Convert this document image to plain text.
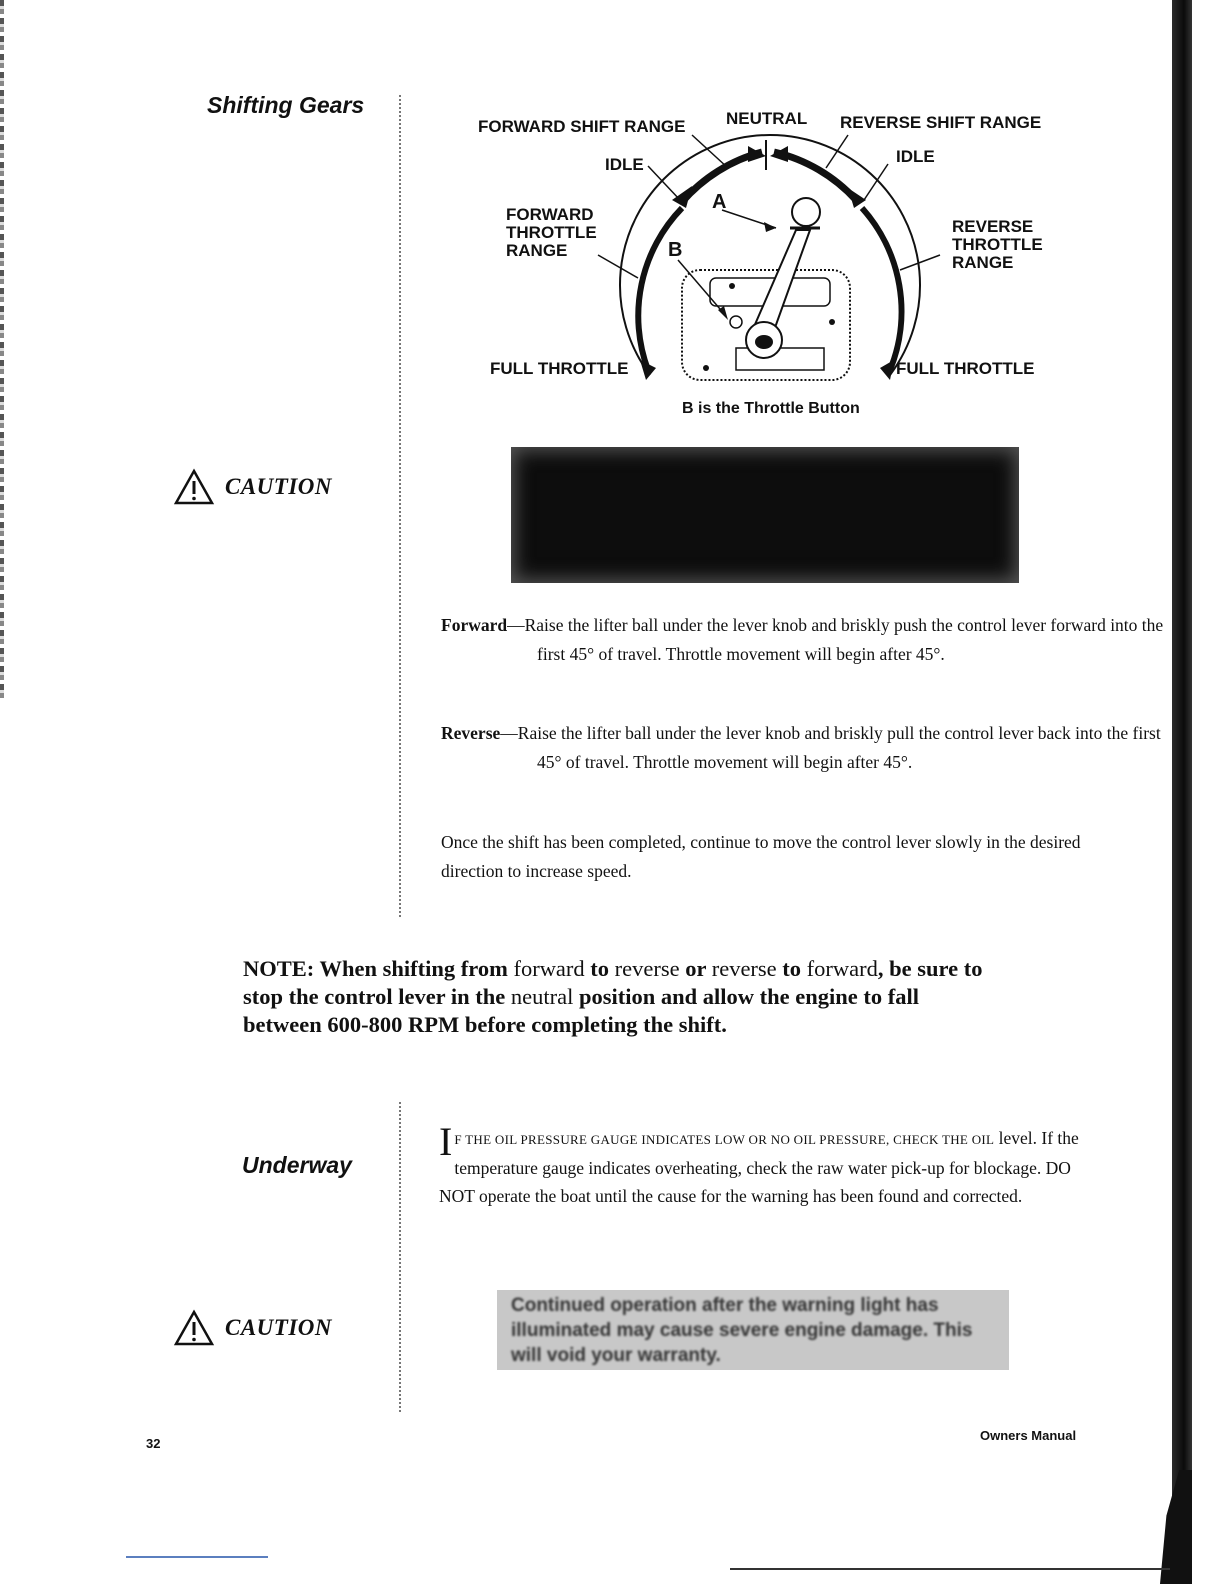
Shifting Gears
CAUTION
Underway
CAUTION
FORWARD SHIFT RANGE NEUTRAL REVERSE SHIFT RANGE
IDLE	IDLE
FORWARD
THROTTLE
RANGE
REVERSE
THROTTLE
RANGE
FULL THROTTLE	FULL THROTTLE
A
B
B is the Throttle Button
Forward—Raise the lifter ball under the lever knob and briskly push the control lever forward into the first 45° of travel. Throttle movement will begin after 45°.
Reverse—Raise the lifter ball under the lever knob and briskly pull the control lever back into the first 45° of travel. Throttle movement will begin after 45°.
Once the shift has been completed, continue to move the control lever slowly in the desired direction to increase speed.
NOTE: When shifting from forward to reverse or reverse to forward, be sure to stop the control lever in the neutral position and allow the engine to fall between 600-800 RPM before completing the shift.
I F THE OIL PRESSURE GAUGE INDICATES LOW OR NO OIL PRESSURE, CHECK THE OIL level. If the temperature gauge indicates overheating, check the raw water pick-up for blockage. DO NOT operate the boat until the cause for the warning has been found and corrected.
Continued operation after the warning light has illuminated may cause severe engine damage. This will void your warranty.
32
Owners Manual
